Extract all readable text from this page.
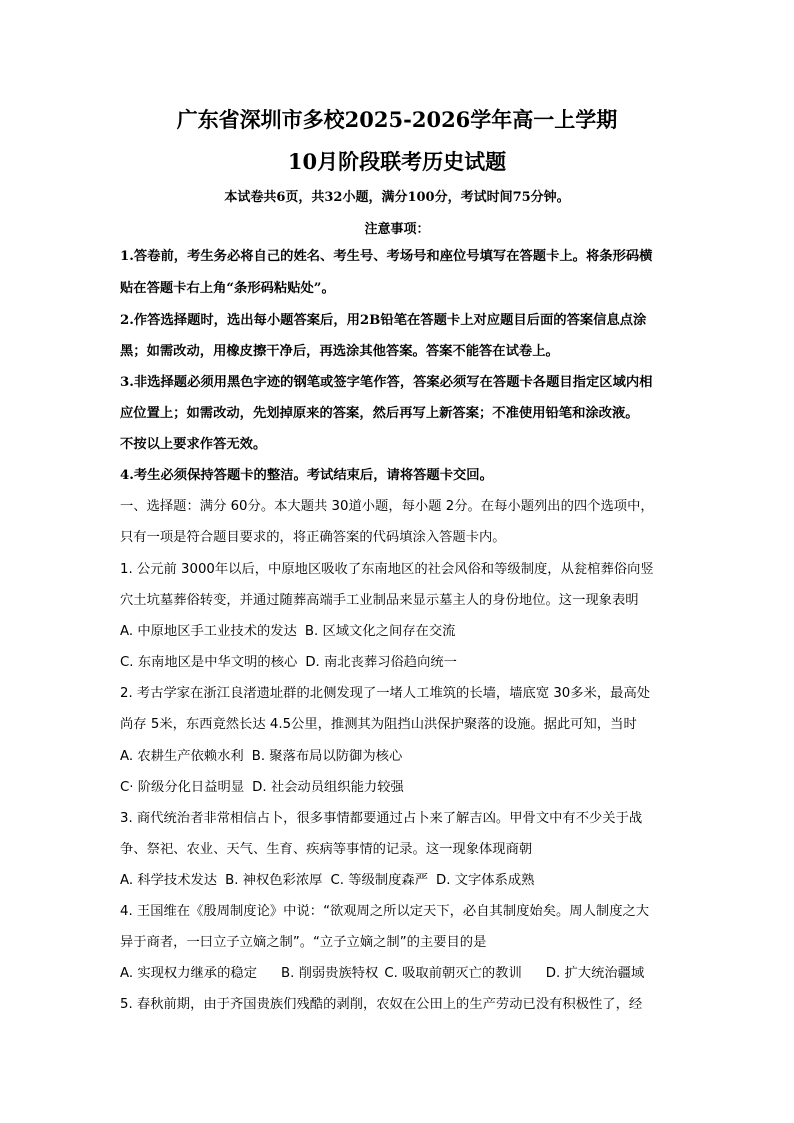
广东省深圳市多校2025-2026学年高一上学期
10月阶段联考历史试题
本试卷共6页，共32小题，满分100分，考试时间75分钟。
注意事项：
1.答卷前，考生务必将自己的姓名、考生号、考场号和座位号填写在答题卡上。将条形码横
贴在答题卡右上角“条形码粘贴处”。
2.作答选择题时，选出每小题答案后，用2B铅笔在答题卡上对应题目后面的答案信息点涂
黑；如需改动，用橡皮擦干净后，再选涂其他答案。答案不能答在试卷上。
3.非选择题必须用黑色字迹的钢笔或签字笔作答，答案必须写在答题卡各题目指定区域内相
应位置上；如需改动，先划掉原来的答案，然后再写上新答案；不准使用铅笔和涂改液。
不按以上要求作答无效。
4.考生必须保持答题卡的整洁。考试结束后，请将答题卡交回。
一、选择题：满分 60分。本大题共 30道小题，每小题 2分。在每小题列出的四个选项中，
只有一项是符合题目要求的，将正确答案的代码填涂入答题卡内。
1. 公元前 3000年以后，中原地区吸收了东南地区的社会风俗和等级制度，从瓮棺葬俗向竖
穴土坑墓葬俗转变，并通过随葬高端手工业制品来显示墓主人的身份地位。这一现象表明
A. 中原地区手工业技术的发达 B. 区域文化之间存在交流
C. 东南地区是中华文明的核心 D. 南北丧葬习俗趋向统一
2. 考古学家在浙江良渚遗址群的北侧发现了一堵人工堆筑的长墙，墙底宽 30多米，最高处
尚存 5米，东西竟然长达 4.5公里，推测其为阻挡山洪保护聚落的设施。据此可知，当时
A. 农耕生产依赖水利 B. 聚落布局以防御为核心
C· 阶级分化日益明显 D. 社会动员组织能力较强
3. 商代统治者非常相信占卜，很多事情都要通过占卜来了解吉凶。甲骨文中有不少关于战
争、祭祀、农业、天气、生育、疾病等事情的记录。这一现象体现商朝
A. 科学技术发达 B. 神权色彩浓厚 C. 等级制度森严 D. 文字体系成熟
4. 王国维在《殷周制度论》中说：“欲观周之所以定天下，必自其制度始矣。周人制度之大
异于商者，一曰立子立嫡之制”。“立子立嫡之制”的主要目的是
A. 实现权力继承的稳定 B. 削弱贵族特权 C. 吸取前朝灭亡的教训 D. 扩大统治疆域
5. 春秋前期，由于齐国贵族们残酷的剥削，农奴在公田上的生产劳动已没有积极性了，经
